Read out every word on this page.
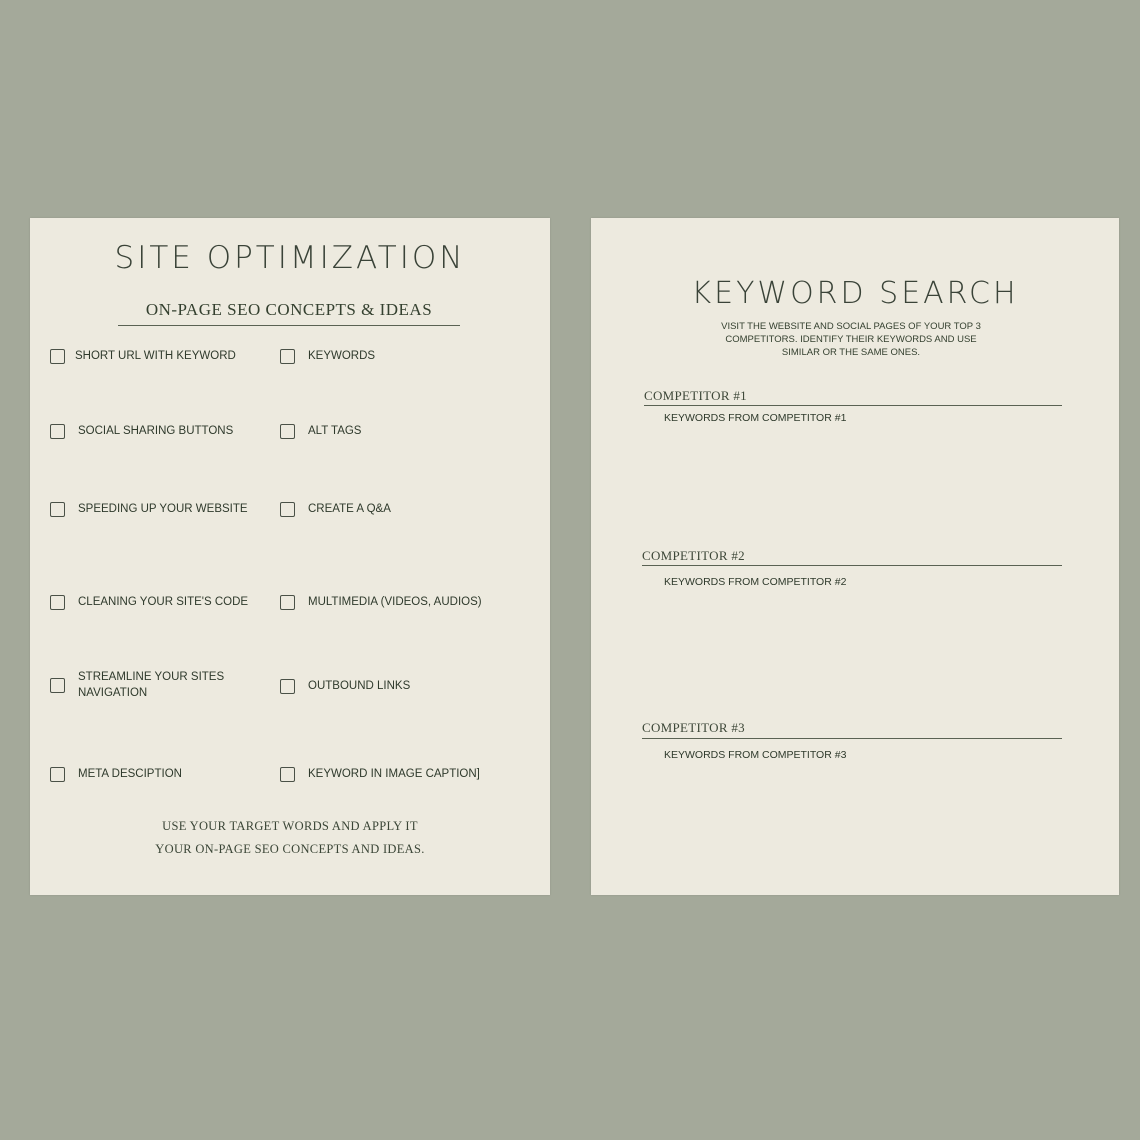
SITE OPTIMIZATION
ON-PAGE SEO CONCEPTS & IDEAS
SHORT URL WITH KEYWORD
SOCIAL SHARING BUTTONS
SPEEDING UP YOUR WEBSITE
CLEANING YOUR SITE'S CODE
STREAMLINE YOUR SITES
NAVIGATION
META DESCIPTION
KEYWORDS
ALT TAGS
CREATE A Q&A
MULTIMEDIA (VIDEOS, AUDIOS)
OUTBOUND LINKS
KEYWORD IN IMAGE CAPTION]
USE YOUR TARGET WORDS AND APPLY IT
YOUR ON-PAGE SEO CONCEPTS AND IDEAS.
KEYWORD SEARCH
VISIT THE WEBSITE AND SOCIAL PAGES OF YOUR TOP 3
COMPETITORS. IDENTIFY THEIR KEYWORDS AND USE
SIMILAR OR THE SAME ONES.
COMPETITOR #1
KEYWORDS FROM COMPETITOR #1
COMPETITOR #2
KEYWORDS FROM COMPETITOR #2
COMPETITOR #3
KEYWORDS FROM COMPETITOR #3
